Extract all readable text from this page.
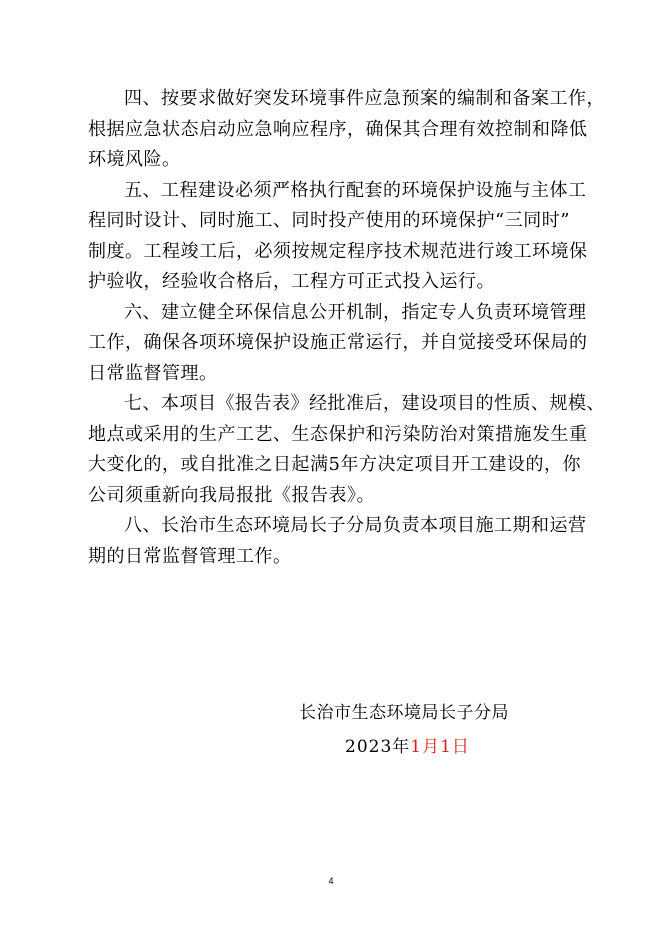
四、按要求做好突发环境事件应急预案的编制和备案工作，
根据应急状态启动应急响应程序，确保其合理有效控制和降低
环境风险。

五、工程建设必须严格执行配套的环境保护设施与主体工
程同时设计、同时施工、同时投产使用的环境保护“三同时”
制度。工程竣工后，必须按规定程序技术规范进行竣工环境保
护验收，经验收合格后，工程方可正式投入运行。

六、建立健全环保信息公开机制，指定专人负责环境管理
工作，确保各项环境保护设施正常运行，并自觉接受环保局的
日常监督管理。

七、本项目《报告表》经批准后，建设项目的性质、规模、
地点或采用的生产工艺、生态保护和污染防治对策措施发生重
大变化的，或自批准之日起满5年方决定项目开工建设的，你
公司须重新向我局报批《报告表》。

八、长治市生态环境局长子分局负责本项目施工期和运营
期的日常监督管理工作。

长治市生态环境局长子分局
2023年1月1日
4
